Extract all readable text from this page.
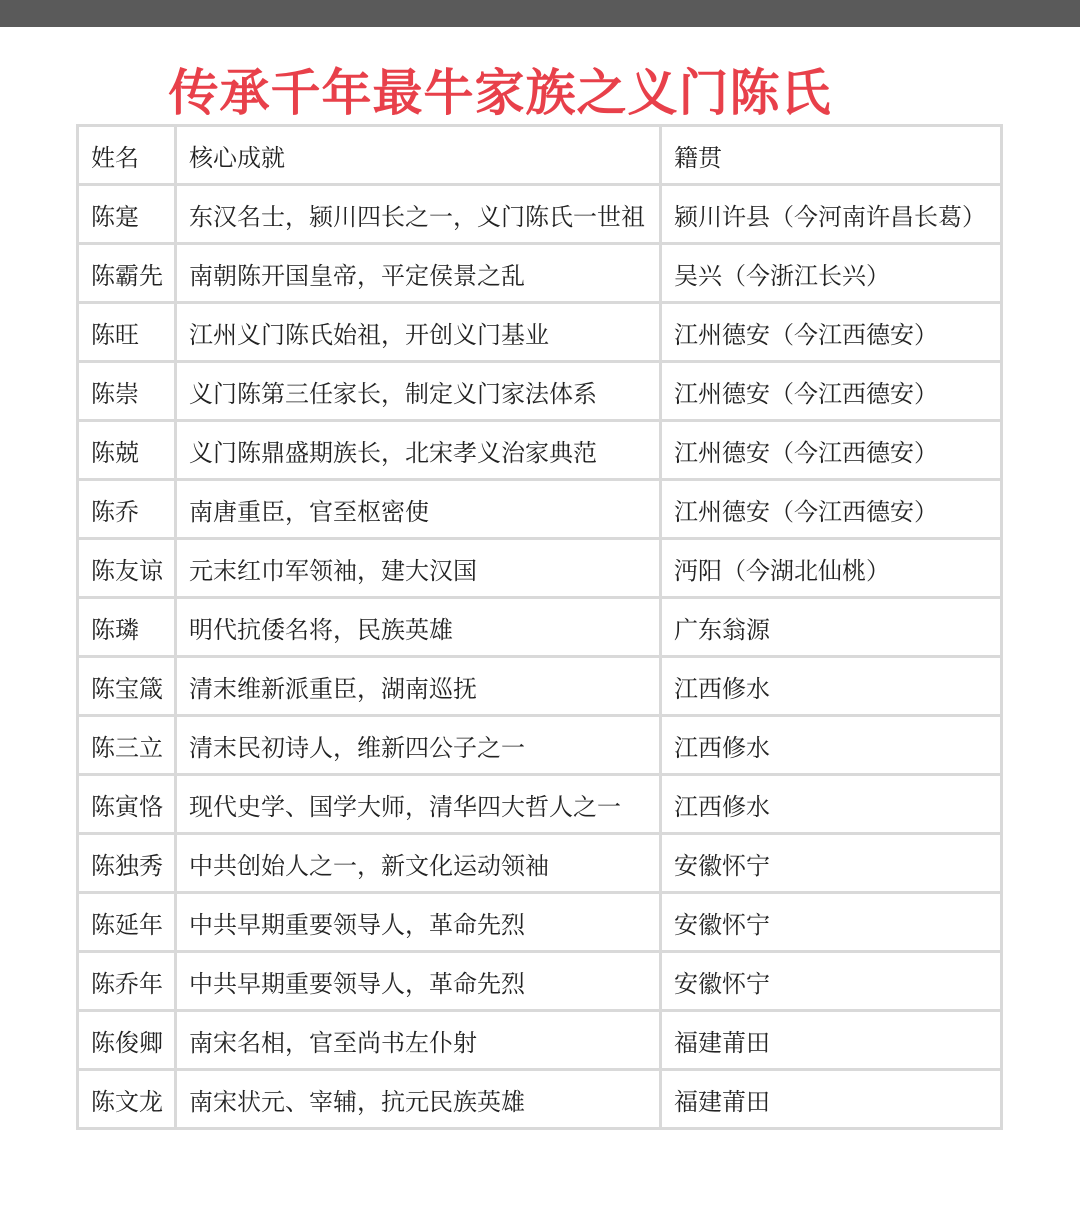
传承千年最牛家族之义门陈氏
姓名	核心成就	籍贯
陈寔	东汉名士，颍川四长之一，义门陈氏一世祖	颍川许县（今河南许昌长葛）
陈霸先	南朝陈开国皇帝，平定侯景之乱	吴兴（今浙江长兴）
陈旺	江州义门陈氏始祖，开创义门基业	江州德安（今江西德安）
陈崇	义门陈第三任家长，制定义门家法体系	江州德安（今江西德安）
陈兢	义门陈鼎盛期族长，北宋孝义治家典范	江州德安（今江西德安）
陈乔	南唐重臣，官至枢密使	江州德安（今江西德安）
陈友谅	元末红巾军领袖，建大汉国	沔阳（今湖北仙桃）
陈璘	明代抗倭名将，民族英雄	广东翁源
陈宝箴	清末维新派重臣，湖南巡抚	江西修水
陈三立	清末民初诗人，维新四公子之一	江西修水
陈寅恪	现代史学、国学大师，清华四大哲人之一	江西修水
陈独秀	中共创始人之一，新文化运动领袖	安徽怀宁
陈延年	中共早期重要领导人，革命先烈	安徽怀宁
陈乔年	中共早期重要领导人，革命先烈	安徽怀宁
陈俊卿	南宋名相，官至尚书左仆射	福建莆田
陈文龙	南宋状元、宰辅，抗元民族英雄	福建莆田
